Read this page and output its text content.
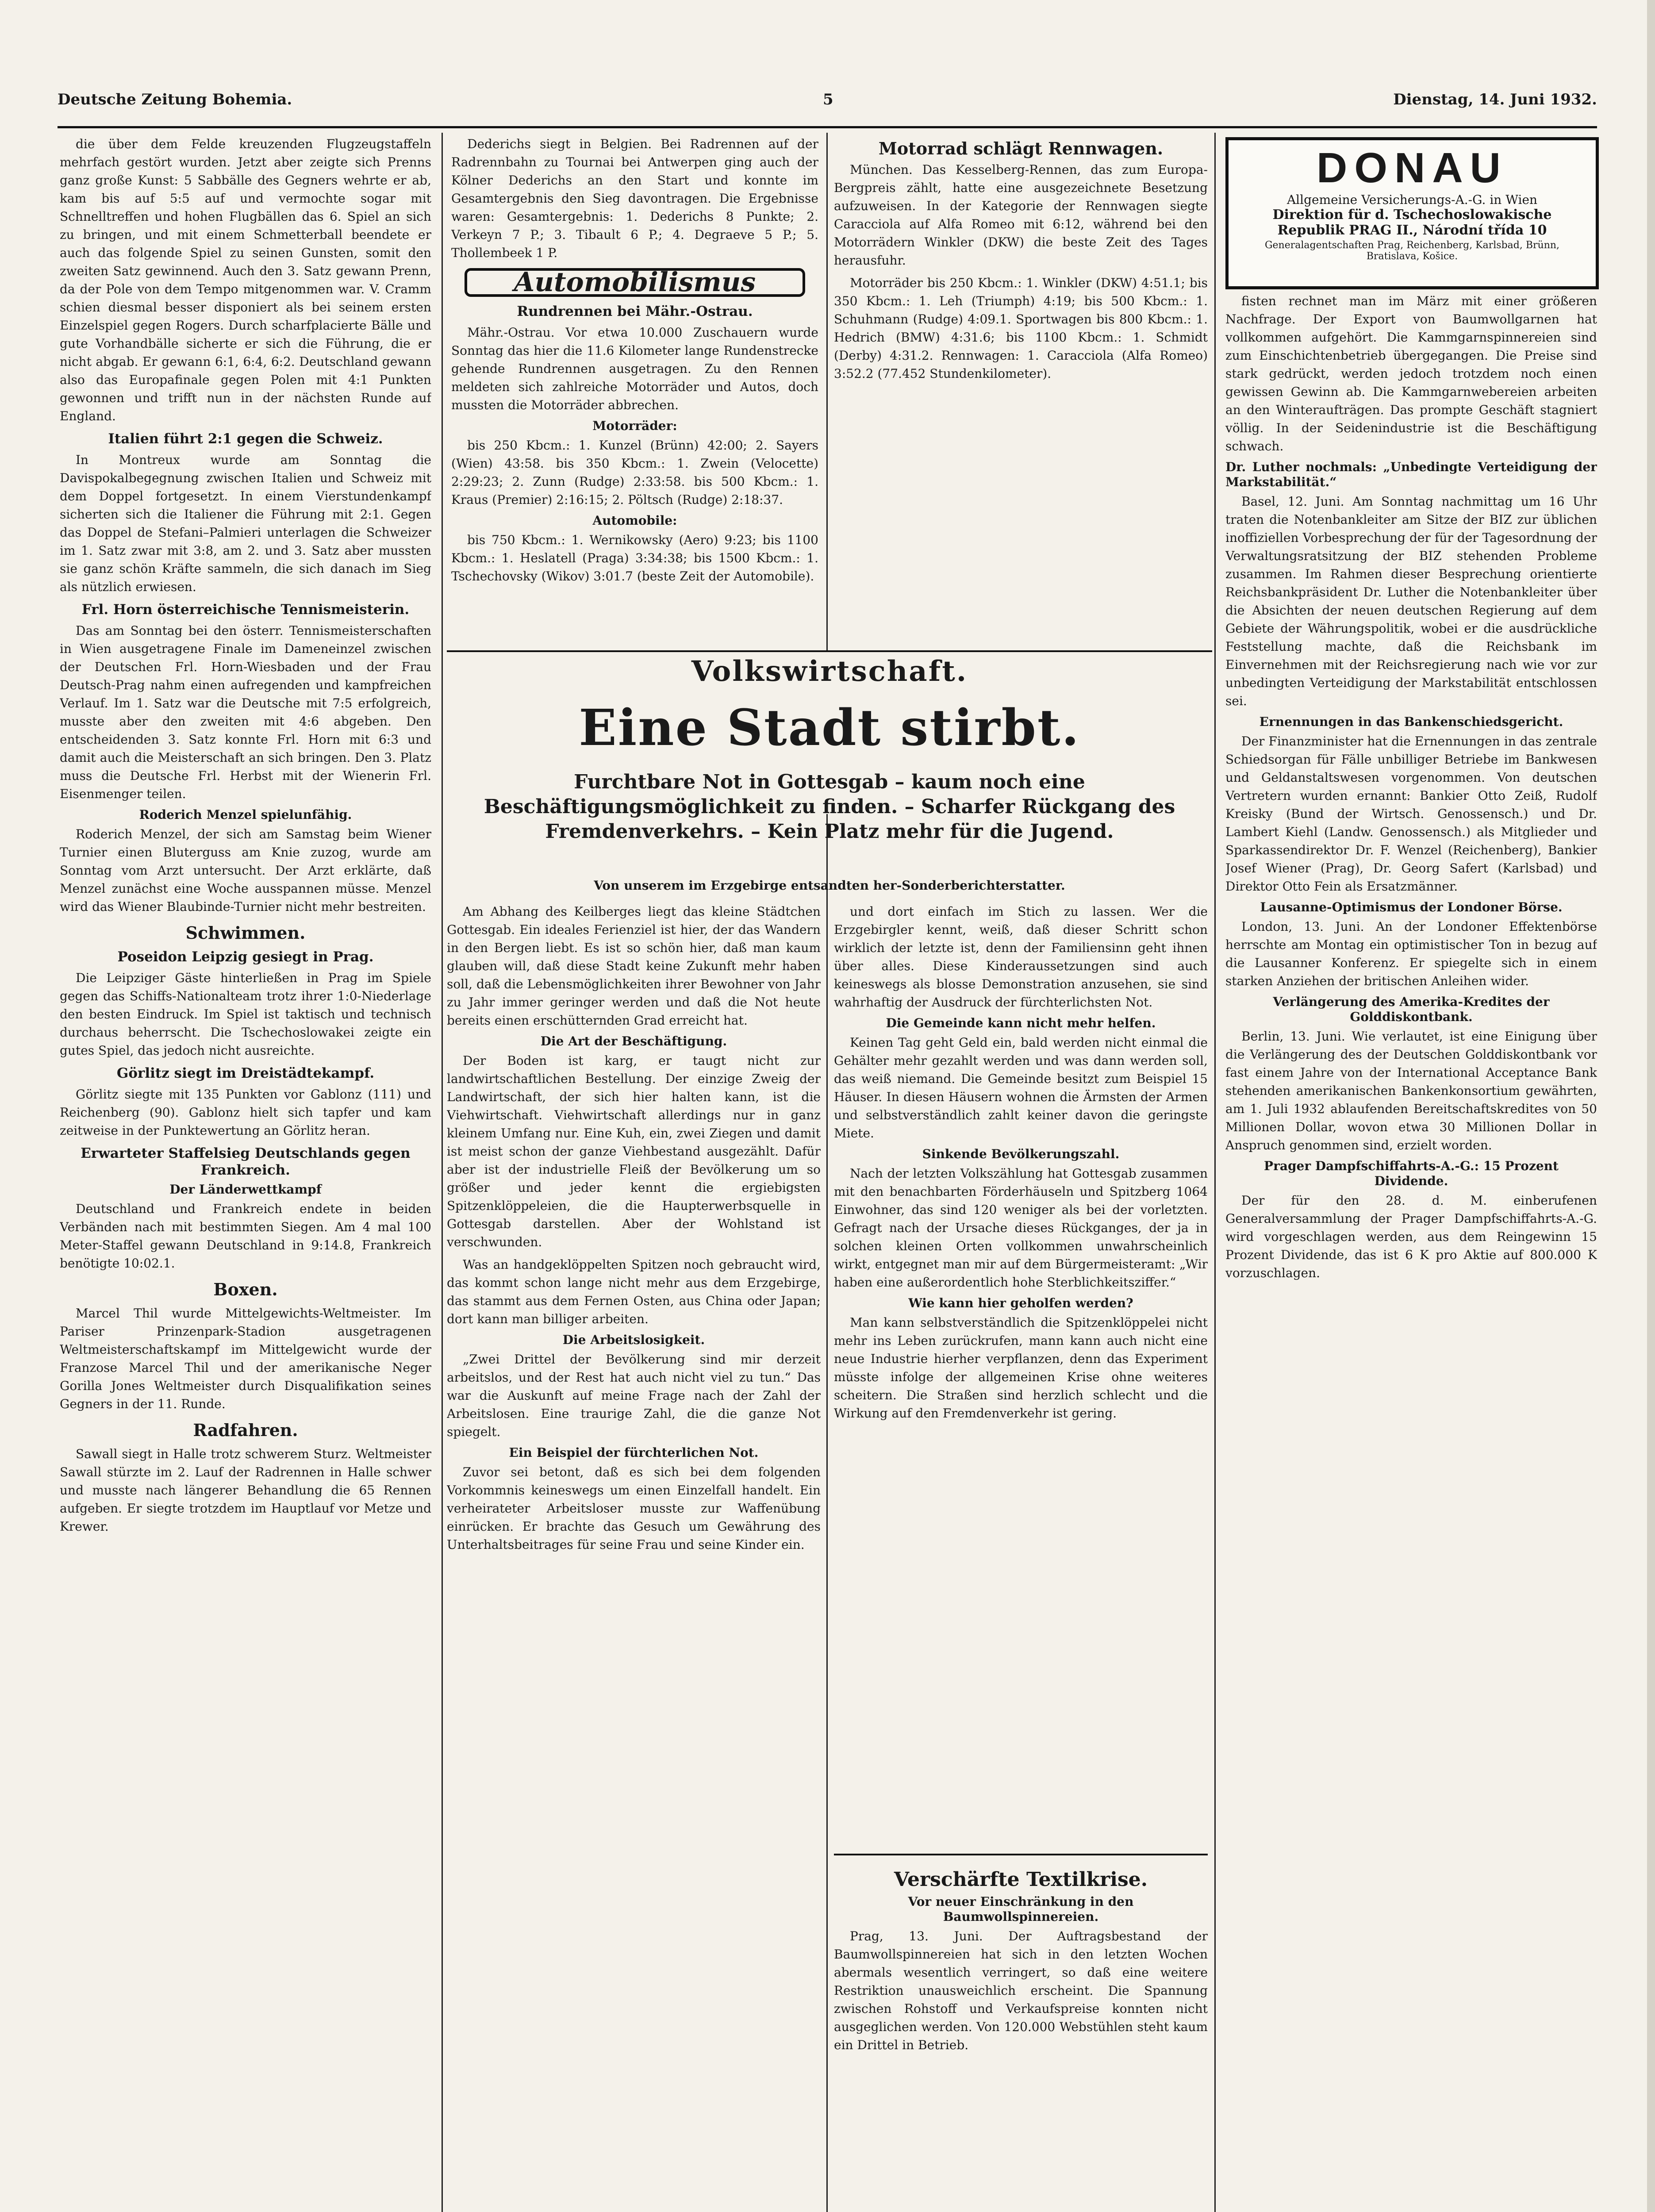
Deutsche Zeitung Bohemia.	5	Dienstag, 14. Juni 1932.

die über dem Felde kreuzenden Flugzeugstaffeln mehrfach gestört wurden. Jetzt aber zeigte sich Prenns ganz große Kunst: 5 Sabbälle des Gegners wehrte er ab, kam bis auf 5:5 auf und vermochte sogar mit Schnelltreffen und hohen Flugbällen das 6. Spiel an sich zu bringen, und mit einem Schmetterball beendete er auch das folgende Spiel zu seinen Gunsten, somit den zweiten Satz gewinnend. Auch den 3. Satz gewann Prenn, da der Pole von dem Tempo mitgenommen war. V. Cramm schien diesmal besser disponiert als bei seinem ersten Einzelspiel gegen Rogers. Durch scharfplacierte Bälle und gute Vorhandbälle sicherte er sich die Führung, die er nicht abgab. Er gewann 6:1, 6:4, 6:2. Deutschland gewann also das Europafinale gegen Polen mit 4:1 Punkten gewonnen und trifft nun in der nächsten Runde auf England.

Italien führt 2:1 gegen die Schweiz.

In Montreux wurde am Sonntag die Davispokalbegegnung zwischen Italien und Schweiz mit dem Doppel fortgesetzt. In einem Vierstundenkampf sicherten sich die Italiener die Führung mit 2:1. Gegen das Doppel de Stefani–Palmieri unterlagen die Schweizer im 1. Satz zwar mit 3:8, am 2. und 3. Satz aber mussten sie ganz schön Kräfte sammeln, die sich danach im Sieg als nützlich erwiesen.

Frl. Horn österreichische Tennismeisterin.

Das am Sonntag bei den österr. Tennismeisterschaften in Wien ausgetragene Finale im Dameneinzel zwischen der Deutschen Frl. Horn-Wiesbaden und der Frau Deutsch-Prag nahm einen aufregenden und kampfreichen Verlauf. Im 1. Satz war die Deutsche mit 7:5 erfolgreich, musste aber den zweiten mit 4:6 abgeben. Den entscheidenden 3. Satz konnte Frl. Horn mit 6:3 und damit auch die Meisterschaft an sich bringen. Den 3. Platz muss die Deutsche Frl. Herbst mit der Wienerin Frl. Eisenmenger teilen.

Roderich Menzel spielunfähig.

Roderich Menzel, der sich am Samstag beim Wiener Turnier einen Bluterguss am Knie zuzog, wurde am Sonntag vom Arzt untersucht. Der Arzt erklärte, daß Menzel zunächst eine Woche ausspannen müsse. Menzel wird das Wiener Blaubinde-Turnier nicht mehr bestreiten.

Schwimmen.
Poseidon Leipzig gesiegt in Prag.

Die Leipziger Gäste hinterließen in Prag im Spiele gegen das Schiffs-Nationalteam trotz ihrer 1:0-Niederlage den besten Eindruck. Im Spiel ist taktisch und technisch durchaus beherrscht. Die Tschechoslowakei zeigte ein gutes Spiel, das jedoch nicht ausreichte.

Görlitz siegt im Dreistädtekampf.

Görlitz siegte mit 135 Punkten vor Gablonz (111) und Reichenberg (90). Gablonz hielt sich tapfer und kam zeitweise in der Punktewertung an Görlitz heran.

Erwarteter Staffelsieg Deutschlands gegen Frankreich.
Der Länderwettkampf

Deutschland und Frankreich endete in beiden Verbänden nach mit bestimmten Siegen. Am 4 mal 100 Meter-Staffel gewann Deutschland in 9:14.8, Frankreich benötigte 10:02.1.

Boxen.

Marcel Thil wurde Mittelgewichts-Weltmeister. Im Pariser Prinzenpark-Stadion ausgetragenen Weltmeisterschaftskampf im Mittelgewicht wurde der Franzose Marcel Thil und der amerikanische Neger Gorilla Jones Weltmeister durch Disqualifikation seines Gegners in der 11. Runde.

Radfahren.

Sawall siegt in Halle trotz schwerem Sturz. Weltmeister Sawall stürzte im 2. Lauf der Radrennen in Halle schwer und musste nach längerer Behandlung die 65 Rennen aufgeben. Er siegte trotzdem im Hauptlauf vor Metze und Krewer.

Dederichs siegt in Belgien. Bei Radrennen auf der Radrennbahn zu Tournai bei Antwerpen ging auch der Kölner Dederichs an den Start und konnte im Gesamtergebnis den Sieg davontragen. Die Ergebnisse waren: Gesamtergebnis: 1. Dederichs 8 Punkte; 2. Verkeyn 7 P.; 3. Tibault 6 P.; 4. Degraeve 5 P.; 5. Thollembeek 1 P.

Automobilismus
Rundrennen bei Mähr.-Ostrau.

Mähr.-Ostrau. Vor etwa 10.000 Zuschauern wurde Sonntag das hier die 11.6 Kilometer lange Rundenstrecke gehende Rundrennen ausgetragen. Zu den Rennen meldeten sich zahlreiche Motorräder und Autos, doch mussten die Motorräder abbrechen.

Motorräder:

bis 250 Kbcm.: 1. Kunzel (Brünn) 42:00; 2. Sayers (Wien) 43:58. bis 350 Kbcm.: 1. Zwein (Velocette) 2:29:23; 2. Zunn (Rudge) 2:33:58. bis 500 Kbcm.: 1. Kraus (Premier) 2:16:15; 2. Pöltsch (Rudge) 2:18:37.

Automobile:

bis 750 Kbcm.: 1. Wernikowsky (Aero) 9:23; bis 1100 Kbcm.: 1. Heslatell (Praga) 3:34:38; bis 1500 Kbcm.: 1. Tschechovsky (Wikov) 3:01.7 (beste Zeit der Automobile).

Motorrad schlägt Rennwagen.

München. Das Kesselberg-Rennen, das zum Europa-Bergpreis zählt, hatte eine ausgezeichnete Besetzung aufzuweisen. In der Kategorie der Rennwagen siegte Caracciola auf Alfa Romeo mit 6:12, während bei den Motorrädern Winkler (DKW) die beste Zeit des Tages herausfuhr.

Motorräder bis 250 Kbcm.: 1. Winkler (DKW) 4:51.1; bis 350 Kbcm.: 1. Leh (Triumph) 4:19; bis 500 Kbcm.: 1. Schuhmann (Rudge) 4:09.1. Sportwagen bis 800 Kbcm.: 1. Hedrich (BMW) 4:31.6; bis 1100 Kbcm.: 1. Schmidt (Derby) 4:31.2. Rennwagen: 1. Caracciola (Alfa Romeo) 3:52.2 (77.452 Stundenkilometer).

DONAU
Allgemeine Versicherungs-A.-G. in Wien
Direktion für d. Tschechoslowakische
Republik PRAG II., Národní třída 10
Generalagentschaften Prag, Reichenberg, Karlsbad, Brünn, Bratislava, Košice.

fisten rechnet man im März mit einer größeren Nachfrage. Der Export von Baumwollgarnen hat vollkommen aufgehört. Die Kammgarnspinnereien sind zum Einschichtenbetrieb übergegangen. Die Preise sind stark gedrückt, werden jedoch trotzdem noch einen gewissen Gewinn ab. Die Kammgarnwebereien arbeiten an den Winteraufträgen. Das prompte Geschäft stagniert völlig. In der Seidenindustrie ist die Beschäftigung schwach.

Dr. Luther nochmals: „Unbedingte Verteidigung der Markstabilität.“

Basel, 12. Juni. Am Sonntag nachmittag um 16 Uhr traten die Notenbankleiter am Sitze der BIZ zur üblichen inoffiziellen Vorbesprechung der für der Tagesordnung der Verwaltungsratsitzung der BIZ stehenden Probleme zusammen. Im Rahmen dieser Besprechung orientierte Reichsbankpräsident Dr. Luther die Notenbankleiter über die Absichten der neuen deutschen Regierung auf dem Gebiete der Währungspolitik, wobei er die ausdrückliche Feststellung machte, daß die Reichsbank im Einvernehmen mit der Reichsregierung nach wie vor zur unbedingten Verteidigung der Markstabilität entschlossen sei.

Ernennungen in das Bankenschiedsgericht.

Der Finanzminister hat die Ernennungen in das zentrale Schiedsorgan für Fälle unbilliger Betriebe im Bankwesen und Geldanstaltswesen vorgenommen. Von deutschen Vertretern wurden ernannt: Bankier Otto Zeiß, Rudolf Kreisky (Bund der Wirtsch. Genossensch.) und Dr. Lambert Kiehl (Landw. Genossensch.) als Mitglieder und Sparkassendirektor Dr. F. Wenzel (Reichenberg), Bankier Josef Wiener (Prag), Dr. Georg Safert (Karlsbad) und Direktor Otto Fein als Ersatzmänner.

Lausanne-Optimismus der Londoner Börse.

London, 13. Juni. An der Londoner Effektenbörse herrschte am Montag ein optimistischer Ton in bezug auf die Lausanner Konferenz. Er spiegelte sich in einem starken Anziehen der britischen Anleihen wider.

Verlängerung des Amerika-Kredites der Golddiskontbank.

Berlin, 13. Juni. Wie verlautet, ist eine Einigung über die Verlängerung des der Deutschen Golddiskontbank vor fast einem Jahre von der International Acceptance Bank stehenden amerikanischen Bankenkonsortium gewährten, am 1. Juli 1932 ablaufenden Bereitschaftskredites von 50 Millionen Dollar, wovon etwa 30 Millionen Dollar in Anspruch genommen sind, erzielt worden.

Prager Dampfschiffahrts-A.-G.: 15 Prozent Dividende.

Der für den 28. d. M. einberufenen Generalversammlung der Prager Dampfschiffahrts-A.-G. wird vorgeschlagen werden, aus dem Reingewinn 15 Prozent Dividende, das ist 6 K pro Aktie auf 800.000 K vorzuschlagen.

Volkswirtschaft.
Eine Stadt stirbt.
Furchtbare Not in Gottesgab – kaum noch eine Beschäftigungsmöglichkeit zu finden. – Scharfer Rückgang des Fremdenverkehrs. – Kein Platz mehr für die Jugend.
Von unserem im Erzgebirge entsandten her-Sonderberichterstatter.

Am Abhang des Keilberges liegt das kleine Städtchen Gottesgab. Ein ideales Ferienziel ist hier, der das Wandern in den Bergen liebt. Es ist so schön hier, daß man kaum glauben will, daß diese Stadt keine Zukunft mehr haben soll, daß die Lebensmöglichkeiten ihrer Bewohner von Jahr zu Jahr immer geringer werden und daß die Not heute bereits einen erschütternden Grad erreicht hat.

Die Art der Beschäftigung.

Der Boden ist karg, er taugt nicht zur landwirtschaftlichen Bestellung. Der einzige Zweig der Landwirtschaft, der sich hier halten kann, ist die Viehwirtschaft. Viehwirtschaft allerdings nur in ganz kleinem Umfang nur. Eine Kuh, ein, zwei Ziegen und damit ist meist schon der ganze Viehbestand ausgezählt. Dafür aber ist der industrielle Fleiß der Bevölkerung um so größer und jeder kennt die ergiebigsten Spitzenklöppeleien, die die Haupterwerbsquelle in Gottesgab darstellen. Aber der Wohlstand ist verschwunden.

Was an handgeklöppelten Spitzen noch gebraucht wird, das kommt schon lange nicht mehr aus dem Erzgebirge, das stammt aus dem Fernen Osten, aus China oder Japan; dort kann man billiger arbeiten.

Die Arbeitslosigkeit.

„Zwei Drittel der Bevölkerung sind mir derzeit arbeitslos, und der Rest hat auch nicht viel zu tun.“ Das war die Auskunft auf meine Frage nach der Zahl der Arbeitslosen. Eine traurige Zahl, die die ganze Not spiegelt.

Ein Beispiel der fürchterlichen Not.

Zuvor sei betont, daß es sich bei dem folgenden Vorkommnis keineswegs um einen Einzelfall handelt. Ein verheirateter Arbeitsloser musste zur Waffenübung einrücken. Er brachte das Gesuch um Gewährung des Unterhaltsbeitrages für seine Frau und seine Kinder ein.

und dort einfach im Stich zu lassen. Wer die Erzgebirgler kennt, weiß, daß dieser Schritt schon wirklich der letzte ist, denn der Familiensinn geht ihnen über alles. Diese Kinderaussetzungen sind auch keineswegs als blosse Demonstration anzusehen, sie sind wahrhaftig der Ausdruck der fürchterlichsten Not.

Die Gemeinde kann nicht mehr helfen.

Keinen Tag geht Geld ein, bald werden nicht einmal die Gehälter mehr gezahlt werden und was dann werden soll, das weiß niemand. Die Gemeinde besitzt zum Beispiel 15 Häuser. In diesen Häusern wohnen die Ärmsten der Armen und selbstverständlich zahlt keiner davon die geringste Miete.

Sinkende Bevölkerungszahl.

Nach der letzten Volkszählung hat Gottesgab zusammen mit den benachbarten Förderhäuseln und Spitzberg 1064 Einwohner, das sind 120 weniger als bei der vorletzten. Gefragt nach der Ursache dieses Rückganges, der ja in solchen kleinen Orten vollkommen unwahrscheinlich wirkt, entgegnet man mir auf dem Bürgermeisteramt: „Wir haben eine außerordentlich hohe Sterblichkeitsziffer.“

Wie kann hier geholfen werden?

Man kann selbstverständlich die Spitzenklöppelei nicht mehr ins Leben zurückrufen, mann kann auch nicht eine neue Industrie hierher verpflanzen, denn das Experiment müsste infolge der allgemeinen Krise ohne weiteres scheitern. Die Straßen sind herzlich schlecht und die Wirkung auf den Fremdenverkehr ist gering.

Verschärfte Textilkrise.
Vor neuer Einschränkung in den Baumwollspinnereien.

Prag, 13. Juni. Der Auftragsbestand der Baumwollspinnereien hat sich in den letzten Wochen abermals wesentlich verringert, so daß eine weitere Restriktion unausweichlich erscheint. Die Spannung zwischen Rohstoff und Verkaufspreise konnten nicht ausgeglichen werden. Von 120.000 Webstühlen steht kaum ein Drittel in Betrieb.
